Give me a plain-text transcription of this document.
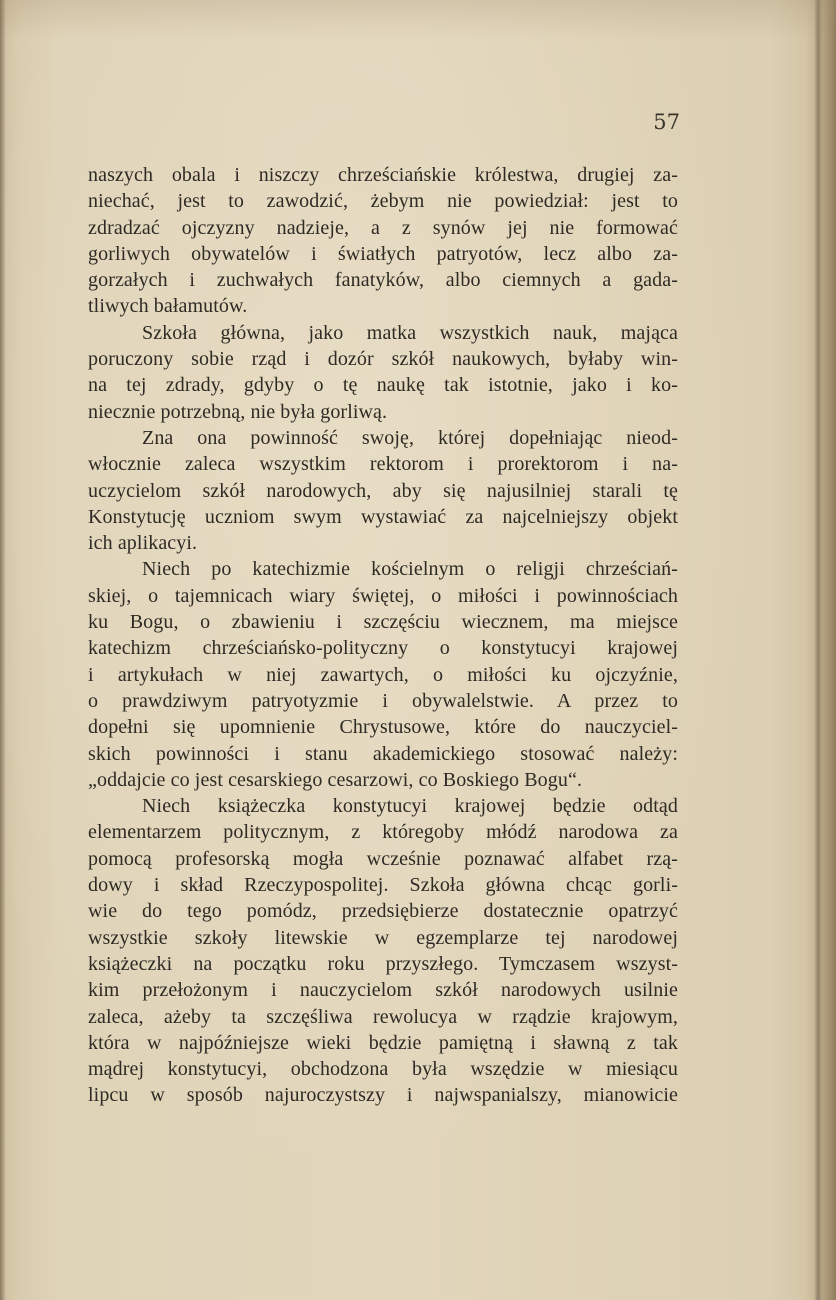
57
naszych obala i niszczy chrześciańskie królestwa, drugiej za-
niechać, jest to zawodzić, żebym nie powiedział: jest to
zdradzać ojczyzny nadzieje, a z synów jej nie formować
gorliwych obywatelów i światłych patryotów, lecz albo za-
gorzałych i zuchwałych fanatyków, albo ciemnych a gada-
tliwych bałamutów.
Szkoła główna, jako matka wszystkich nauk, mająca
poruczony sobie rząd i dozór szkół naukowych, byłaby win-
na tej zdrady, gdyby o tę naukę tak istotnie, jako i ko-
niecznie potrzebną, nie była gorliwą.
Zna ona powinność swoję, której dopełniając nieod-
włocznie zaleca wszystkim rektorom i prorektorom i na-
uczycielom szkół narodowych, aby się najusilniej starali tę
Konstytucję uczniom swym wystawiać za najcelniejszy objekt
ich aplikacyi.
Niech po katechizmie kościelnym o religji chrześciań-
skiej, o tajemnicach wiary świętej, o miłości i powinnościach
ku Bogu, o zbawieniu i szczęściu wiecznem, ma miejsce
katechizm chrześciańsko-polityczny o konstytucyi krajowej
i artykułach w niej zawartych, o miłości ku ojczyźnie,
o prawdziwym patryotyzmie i obywalelstwie. A przez to
dopełni się upomnienie Chrystusowe, które do nauczyciel-
skich powinności i stanu akademickiego stosować należy:
„oddajcie co jest cesarskiego cesarzowi, co Boskiego Bogu“.
Niech książeczka konstytucyi krajowej będzie odtąd
elementarzem politycznym, z któregoby młódź narodowa za
pomocą profesorską mogła wcześnie poznawać alfabet rzą-
dowy i skład Rzeczypospolitej. Szkoła główna chcąc gorli-
wie do tego pomódz, przedsiębierze dostatecznie opatrzyć
wszystkie szkoły litewskie w egzemplarze tej narodowej
książeczki na początku roku przyszłego. Tymczasem wszyst-
kim przełożonym i nauczycielom szkół narodowych usilnie
zaleca, ażeby ta szczęśliwa rewolucya w rządzie krajowym,
która w najpóźniejsze wieki będzie pamiętną i sławną z tak
mądrej konstytucyi, obchodzona była wszędzie w miesiącu
lipcu w sposób najuroczystszy i najwspanialszy, mianowicie
